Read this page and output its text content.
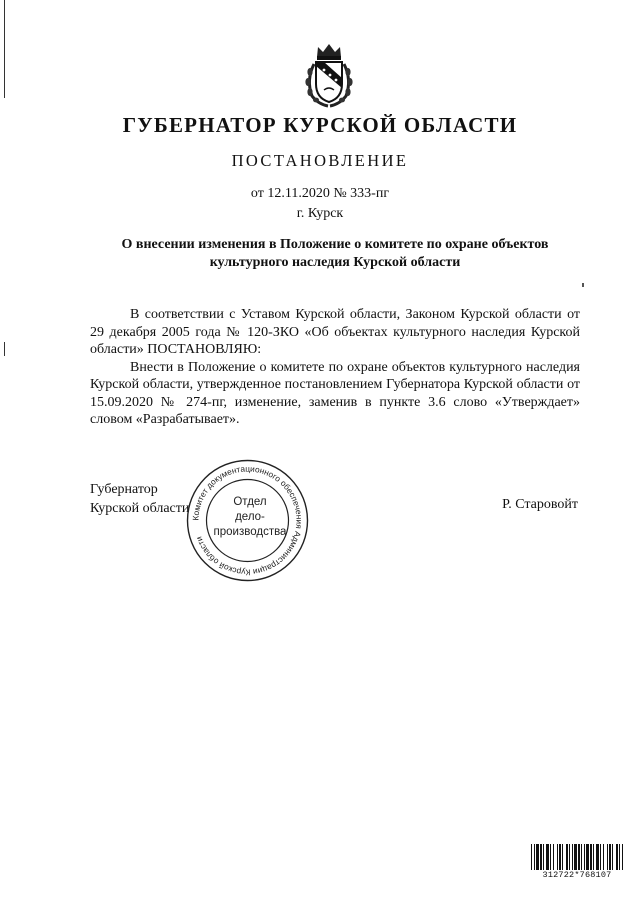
ГУБЕРНАТОР КУРСКОЙ ОБЛАСТИ
ПОСТАНОВЛЕНИЕ
от 12.11.2020 № 333-пг
г. Курск
О внесении изменения в Положение о комитете по охране объектов
культурного наследия Курской области

В соответствии с Уставом Курской области, Законом Курской области от 29 декабря 2005 года № 120-ЗКО «Об объектах культурного наследия Курской области» ПОСТАНОВЛЯЮ:

Внести в Положение о комитете по охране объектов культурного наследия Курской области, утвержденное постановлением Губернатора Курской области от 15.09.2020 № 274-пг, изменение, заменив в пункте 3.6 слово «Утверждает» словом «Разрабатывает».

Губернатор
Курской области	Р. Старовойт
Комитет документационного обеспечения Администрации Курской области
Отдел
дело-
производства
312722*768107
